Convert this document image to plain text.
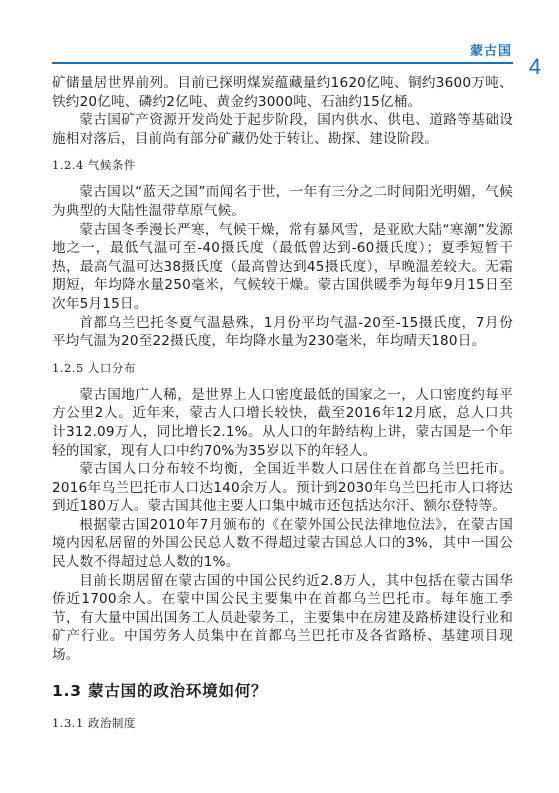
蒙古国
4

矿储量居世界前列。目前已探明煤炭蕴藏量约1620亿吨、铜约3600万吨、铁约20亿吨、磷约2亿吨、黄金约3000吨、石油约15亿桶。

蒙古国矿产资源开发尚处于起步阶段，国内供水、供电、道路等基础设施相对落后，目前尚有部分矿藏仍处于转让、勘探、建设阶段。

1.2.4 气候条件

蒙古国以“蓝天之国”而闻名于世，一年有三分之二时间阳光明媚，气候为典型的大陆性温带草原气候。

蒙古国冬季漫长严寒，气候干燥，常有暴风雪，是亚欧大陆“寒潮”发源地之一，最低气温可至-40摄氏度（最低曾达到-60摄氏度）；夏季短暂干热，最高气温可达38摄氏度（最高曾达到45摄氏度），早晚温差较大。无霜期短，年均降水量250毫米，气候较干燥。蒙古国供暖季为每年9月15日至次年5月15日。

首都乌兰巴托冬夏气温悬殊，1月份平均气温-20至-15摄氏度，7月份平均气温为20至22摄氏度，年均降水量为230毫米，年均晴天180日。

1.2.5 人口分布

蒙古国地广人稀，是世界上人口密度最低的国家之一，人口密度约每平方公里2人。近年来，蒙古人口增长较快，截至2016年12月底，总人口共计312.09万人，同比增长2.1%。从人口的年龄结构上讲，蒙古国是一个年轻的国家，现有人口中约70%为35岁以下的年轻人。

蒙古国人口分布较不均衡，全国近半数人口居住在首都乌兰巴托市。2016年乌兰巴托市人口达140余万人。预计到2030年乌兰巴托市人口将达到近180万人。蒙古国其他主要人口集中城市还包括达尔汗、额尔登特等。

根据蒙古国2010年7月颁布的《在蒙外国公民法律地位法》，在蒙古国境内因私居留的外国公民总人数不得超过蒙古国总人口的3%，其中一国公民人数不得超过总人数的1%。

目前长期居留在蒙古国的中国公民约近2.8万人，其中包括在蒙古国华侨近1700余人。在蒙中国公民主要集中在首都乌兰巴托市。每年施工季节，有大量中国出国务工人员赴蒙务工，主要集中在房建及路桥建设行业和矿产行业。中国劳务人员集中在首都乌兰巴托市及各省路桥、基建项目现场。

1.3 蒙古国的政治环境如何？
1.3.1 政治制度
